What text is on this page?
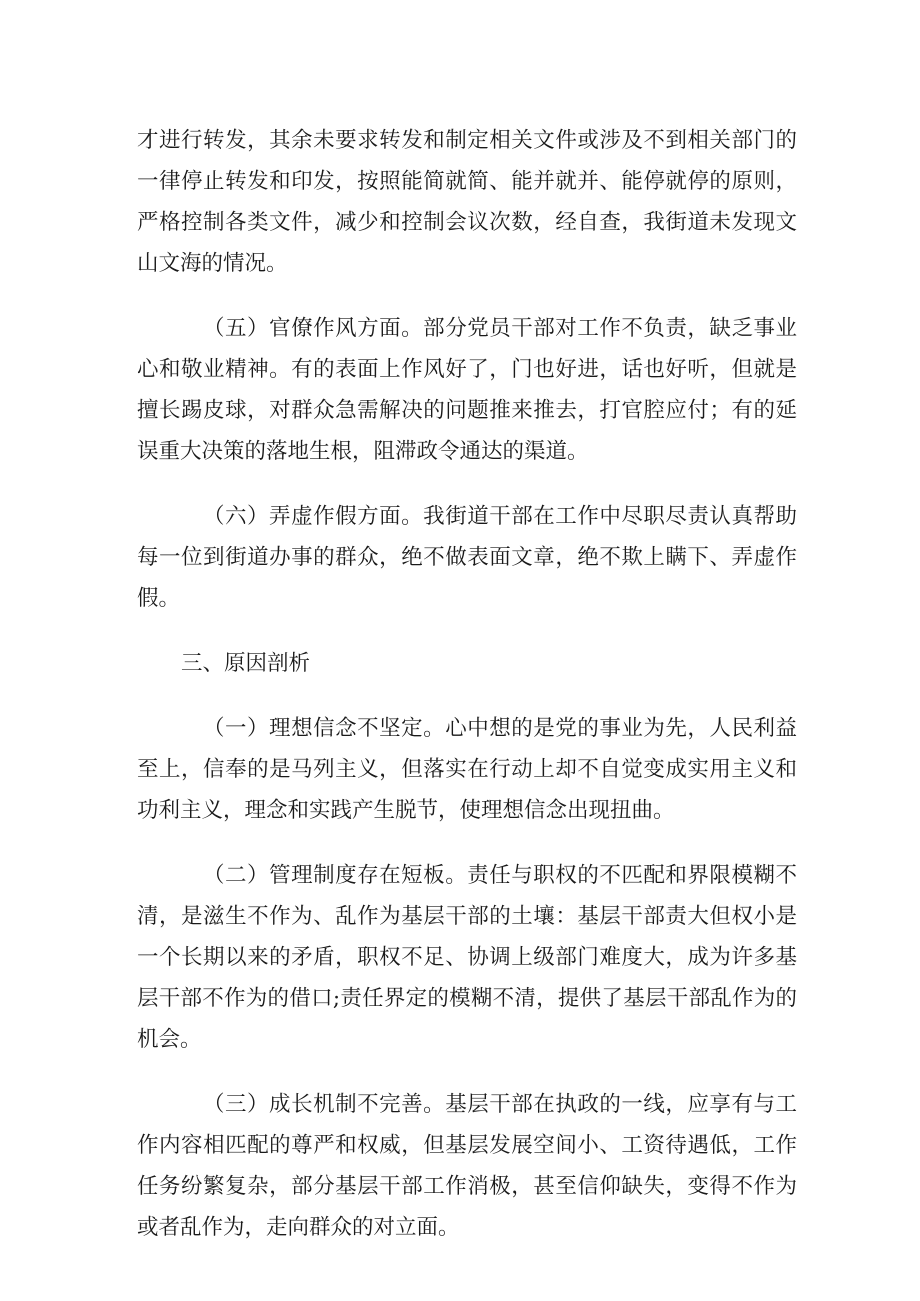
才进行转发，其余未要求转发和制定相关文件或涉及不到相关部门的
一律停止转发和印发，按照能简就简、能并就并、能停就停的原则，
严格控制各类文件，减少和控制会议次数，经自查，我街道未发现文
山文海的情况。
（五）官僚作风方面。部分党员干部对工作不负责，缺乏事业
心和敬业精神。有的表面上作风好了，门也好进，话也好听，但就是
擅长踢皮球，对群众急需解决的问题推来推去，打官腔应付；有的延
误重大决策的落地生根，阻滞政令通达的渠道。
（六）弄虚作假方面。我街道干部在工作中尽职尽责认真帮助
每一位到街道办事的群众，绝不做表面文章，绝不欺上瞒下、弄虚作
假。
三、原因剖析
（一）理想信念不坚定。心中想的是党的事业为先，人民利益
至上，信奉的是马列主义，但落实在行动上却不自觉变成实用主义和
功利主义，理念和实践产生脱节，使理想信念出现扭曲。
（二）管理制度存在短板。责任与职权的不匹配和界限模糊不
清，是滋生不作为、乱作为基层干部的土壤：基层干部责大但权小是
一个长期以来的矛盾，职权不足、协调上级部门难度大，成为许多基
层干部不作为的借口;责任界定的模糊不清，提供了基层干部乱作为的
机会。
（三）成长机制不完善。基层干部在执政的一线，应享有与工
作内容相匹配的尊严和权威，但基层发展空间小、工资待遇低，工作
任务纷繁复杂，部分基层干部工作消极，甚至信仰缺失，变得不作为
或者乱作为，走向群众的对立面。
